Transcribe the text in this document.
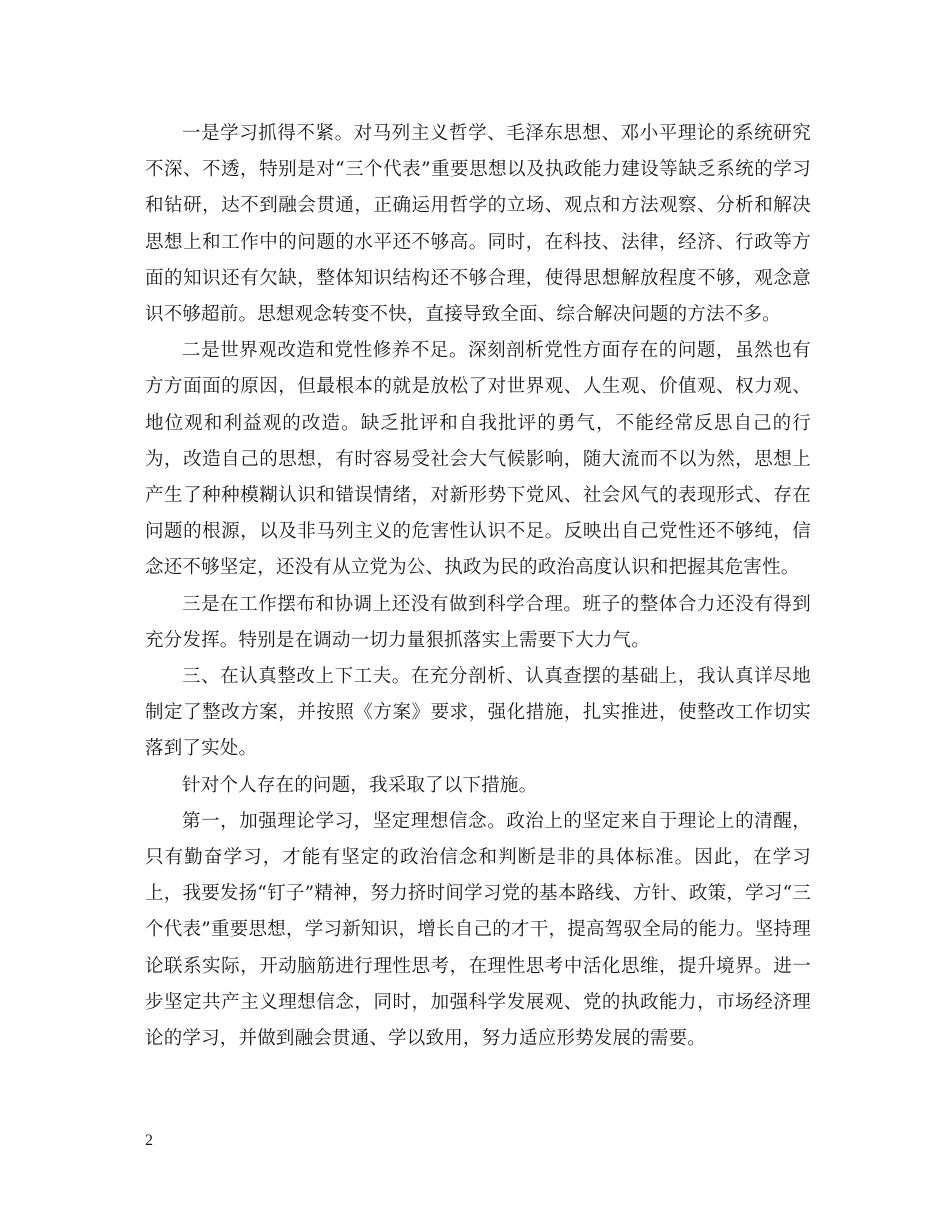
一是学习抓得不紧。对马列主义哲学、毛泽东思想、邓小平理论的系统研究不深、不透，特别是对“三个代表”重要思想以及执政能力建设等缺乏系统的学习和钻研，达不到融会贯通，正确运用哲学的立场、观点和方法观察、分析和解决思想上和工作中的问题的水平还不够高。同时，在科技、法律，经济、行政等方面的知识还有欠缺，整体知识结构还不够合理，使得思想解放程度不够，观念意识不够超前。思想观念转变不快，直接导致全面、综合解决问题的方法不多。

二是世界观改造和党性修养不足。深刻剖析党性方面存在的问题，虽然也有方方面面的原因，但最根本的就是放松了对世界观、人生观、价值观、权力观、地位观和利益观的改造。缺乏批评和自我批评的勇气，不能经常反思自己的行为，改造自己的思想，有时容易受社会大气候影响，随大流而不以为然，思想上产生了种种模糊认识和错误情绪，对新形势下党风、社会风气的表现形式、存在问题的根源，以及非马列主义的危害性认识不足。反映出自己党性还不够纯，信念还不够坚定，还没有从立党为公、执政为民的政治高度认识和把握其危害性。

三是在工作摆布和协调上还没有做到科学合理。班子的整体合力还没有得到充分发挥。特别是在调动一切力量狠抓落实上需要下大力气。

三、在认真整改上下工夫。在充分剖析、认真查摆的基础上，我认真详尽地制定了整改方案，并按照《方案》要求，强化措施，扎实推进，使整改工作切实落到了实处。

针对个人存在的问题，我采取了以下措施。

第一，加强理论学习，坚定理想信念。政治上的坚定来自于理论上的清醒，只有勤奋学习，才能有坚定的政治信念和判断是非的具体标准。因此，在学习上，我要发扬“钉子”精神，努力挤时间学习党的基本路线、方针、政策，学习“三个代表”重要思想，学习新知识，增长自己的才干，提高驾驭全局的能力。坚持理论联系实际，开动脑筋进行理性思考，在理性思考中活化思维，提升境界。进一步坚定共产主义理想信念，同时，加强科学发展观、党的执政能力，市场经济理论的学习，并做到融会贯通、学以致用，努力适应形势发展的需要。

2
